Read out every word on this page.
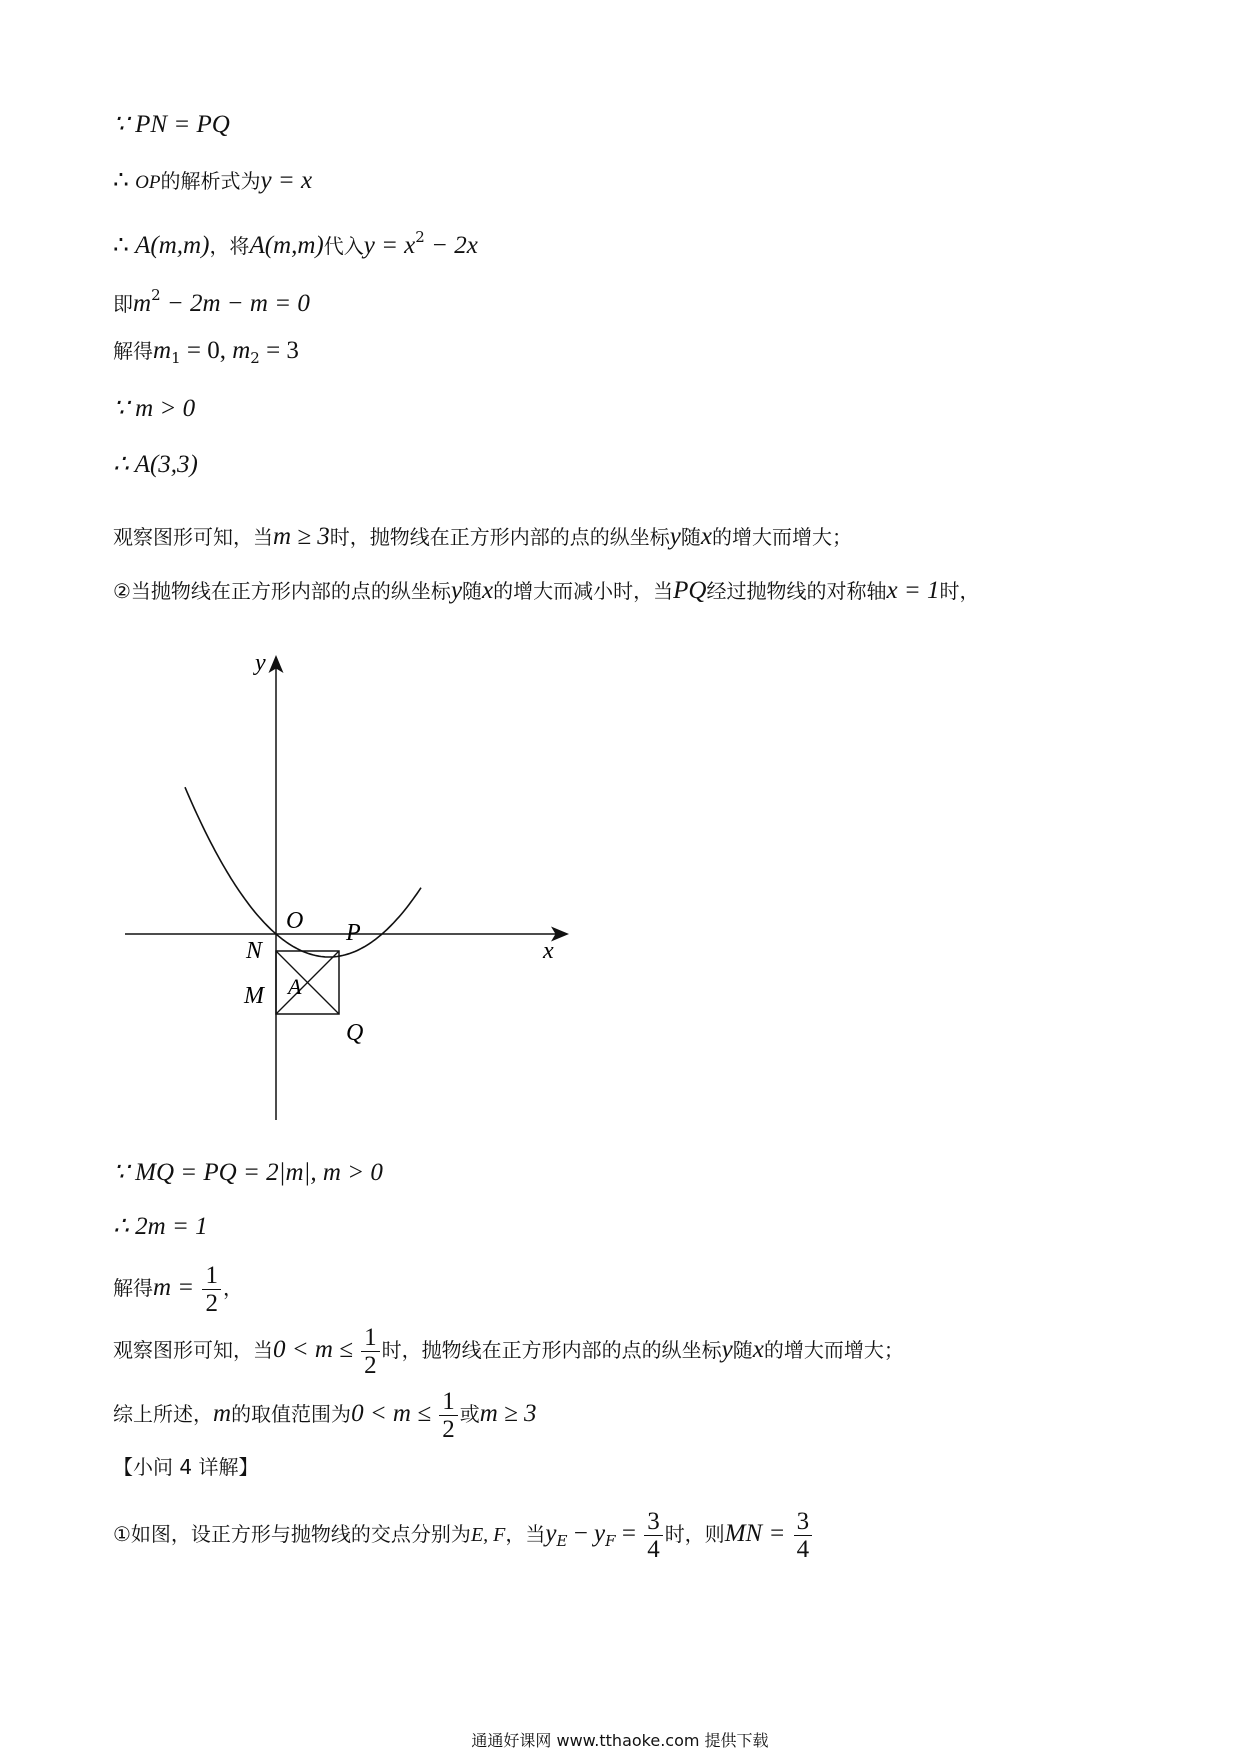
∵ PN = PQ
∴ OP的解析式为y = x
∴ A(m,m)，将A(m,m)代入$y = x^2 - 2x$
即$m^2 - 2m - m = 0$
解得$m_1 = 0$, $m_2 = 3$
∵ m > 0
∴ A(3,3)
观察图形可知，当m ≥ 3时，抛物线在正方形内部的点的纵坐标y随x的增大而增大；
②当抛物线在正方形内部的点的纵坐标y随x的增大而减小时，当PQ经过抛物线的对称轴x = 1时，
y
x
O P
N
M A
Q
∵ MQ = PQ = 2|m|, m > 0
∴ 2m = 1
解得$m = \frac{1}{2}$ ，
观察图形可知，当$0 < m \le \frac{1}{2}$ 时，抛物线在正方形内部的点的纵坐标y随x的增大而增大；
综上所述，m的取值范围为$0 < m \le \frac{1}{2}$ 或m ≥ 3
【小问 4 详解】
①如图，设正方形与抛物线的交点分别为E, F，当$y_E - y_F = \frac{3}{4}$ 时，则MN = $\frac{3}{4}$
通通好课网 www.tthaoke.com 提供下载
